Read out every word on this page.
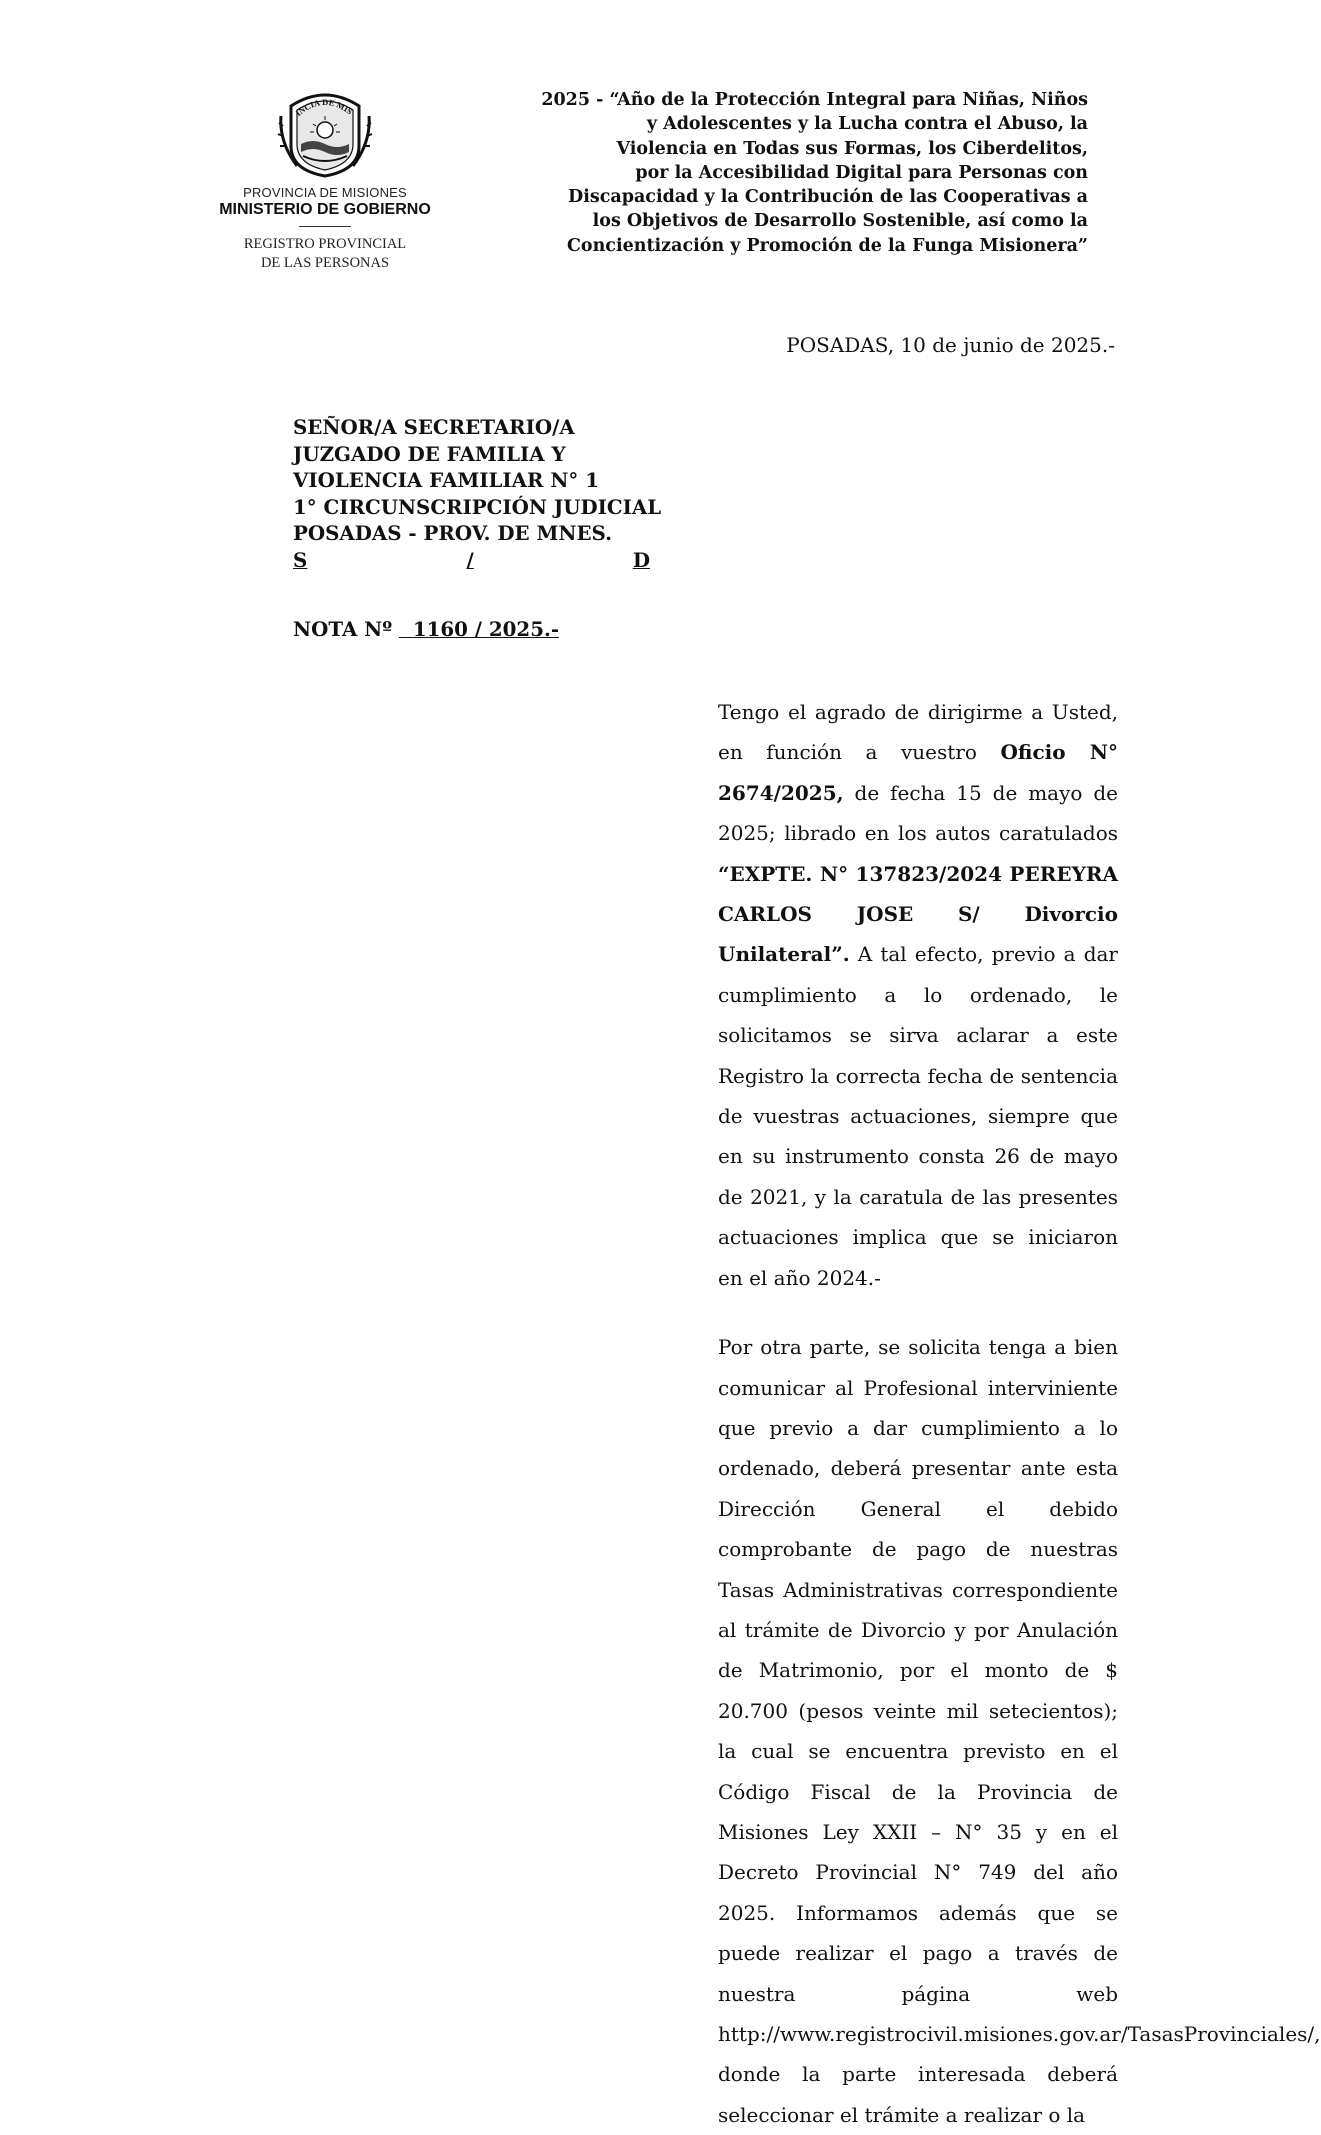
INCIA DE MIS
PROVINCIA DE MISIONES
MINISTERIO DE GOBIERNO
REGISTRO PROVINCIAL
DE LAS PERSONAS
2025 - “Año de la Protección Integral para Niñas, Niños
y Adolescentes y la Lucha contra el Abuso, la
Violencia en Todas sus Formas, los Ciberdelitos,
por la Accesibilidad Digital para Personas con
Discapacidad y la Contribución de las Cooperativas a
los Objetivos de Desarrollo Sostenible, así como la
Concientización y Promoción de la Funga Misionera”
POSADAS, 10 de junio de 2025.-
SEÑOR/A SECRETARIO/A
JUZGADO DE FAMILIA Y
VIOLENCIA FAMILIAR N° 1
1° CIRCUNSCRIPCIÓN JUDICIAL
POSADAS - PROV. DE MNES.
S	/	D
NOTA Nº 1160 / 2025.-

Tengo el agrado de dirigirme a Usted, en función a vuestro Oficio N° 2674/2025, de fecha 15 de mayo de 2025; librado en los autos caratulados “EXPTE. N° 137823/2024 PEREYRA CARLOS JOSE S/ Divorcio Unilateral”. A tal efecto, previo a dar cumplimiento a lo ordenado, le solicitamos se sirva aclarar a este Registro la correcta fecha de sentencia de vuestras actuaciones, siempre que en su instrumento consta 26 de mayo de 2021, y la caratula de las presentes actuaciones implica que se iniciaron en el año 2024.-

Por otra parte, se solicita tenga a bien comunicar al Profesional interviniente que previo a dar cumplimiento a lo ordenado, deberá presentar ante esta Dirección General el debido comprobante de pago de nuestras Tasas Administrativas correspondiente al trámite de Divorcio y por Anulación de Matrimonio, por el monto de $ 20.700 (pesos veinte mil setecientos); la cual se encuentra previsto en el Código Fiscal de la Provincia de Misiones Ley XXII – N° 35 y en el Decreto Provincial N° 749 del año 2025. Informamos además que se puede realizar el pago a través de nuestra página web http://www.registrocivil.misiones.gov.ar/TasasProvinciales/, donde la parte interesada deberá seleccionar el trámite a realizar o la
